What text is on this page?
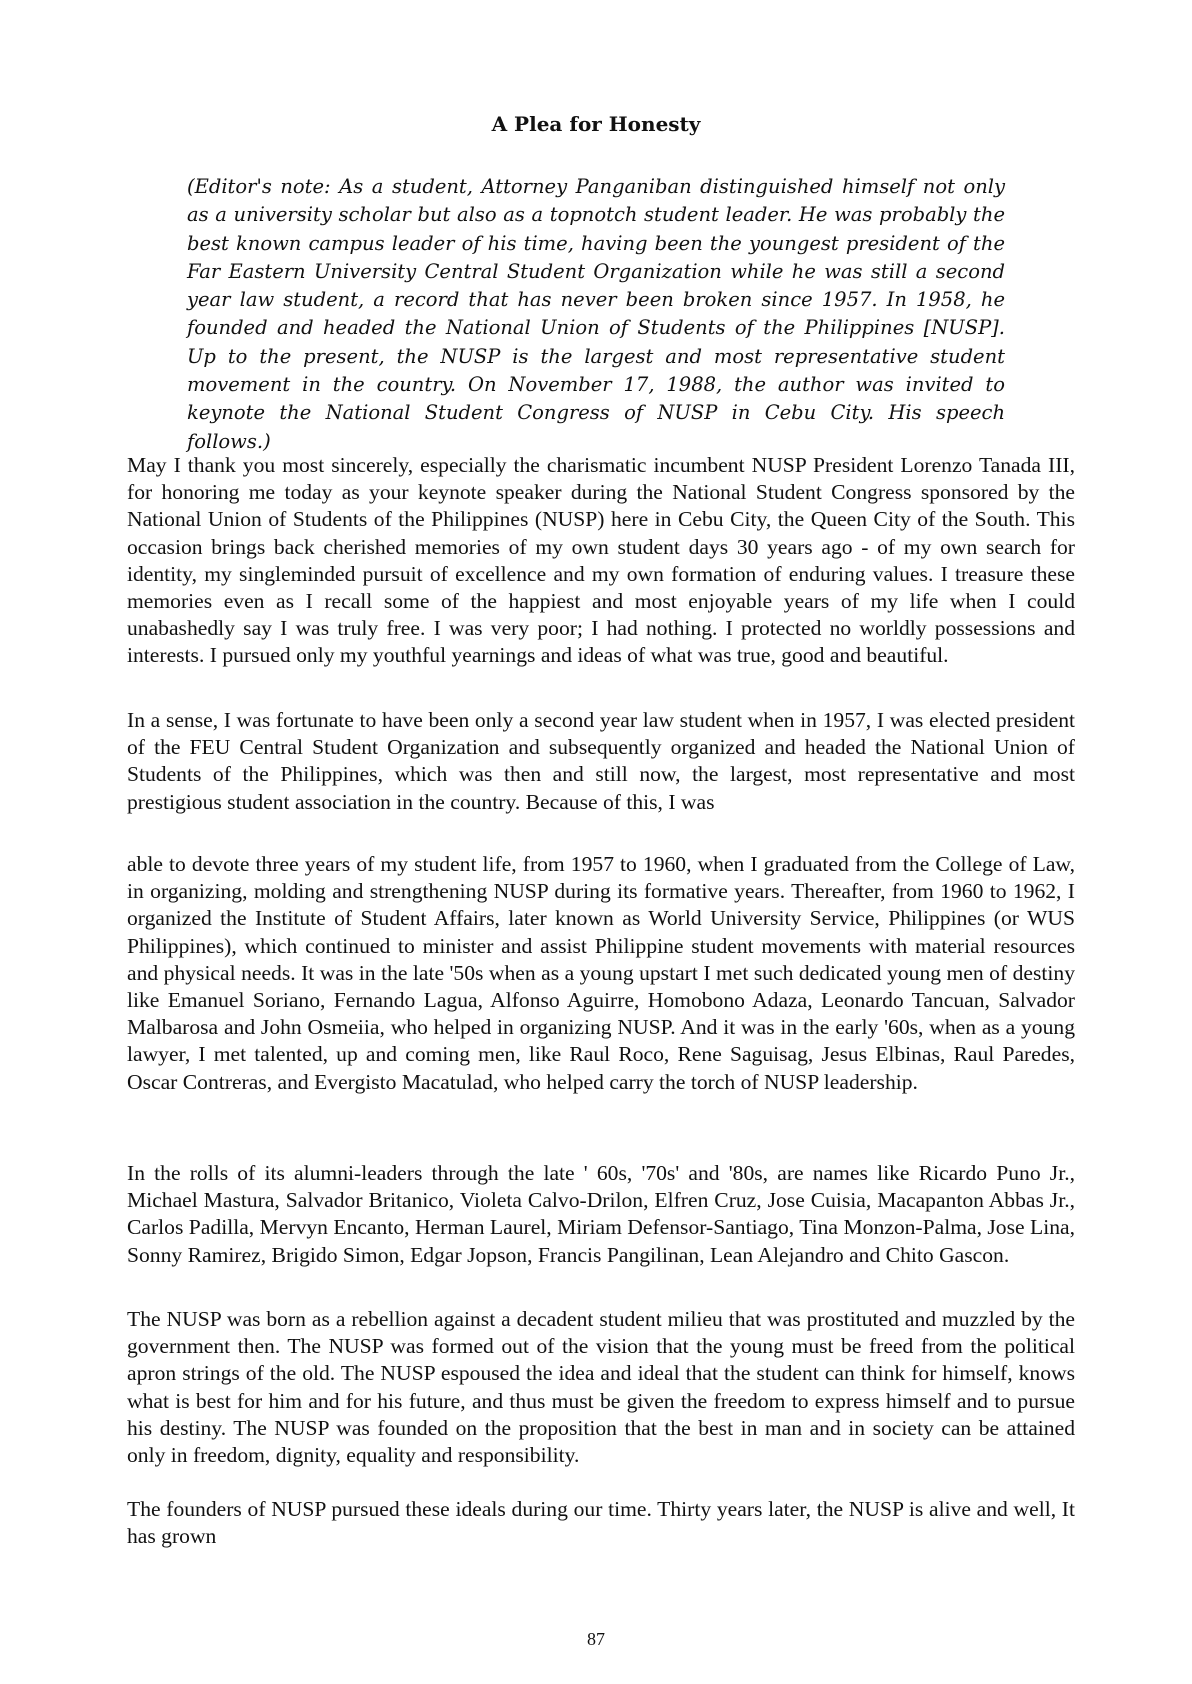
A Plea for Honesty

(Editor's note: As a student, Attorney Panganiban distinguished himself not only as a university scholar but also as a topnotch student leader. He was probably the best known campus leader of his time, having been the youngest president of the Far Eastern University Central Student Organization while he was still a second year law student, a record that has never been broken since 1957. In 1958, he founded and headed the National Union of Students of the Philippines [NUSP]. Up to the present, the NUSP is the largest and most representative student movement in the country. On November 17, 1988, the author was invited to keynote the National Student Congress of NUSP in Cebu City. His speech follows.)

May I thank you most sincerely, especially the charismatic incumbent NUSP President Lorenzo Tanada III, for honoring me today as your keynote speaker during the National Student Congress sponsored by the National Union of Students of the Philippines (NUSP) here in Cebu City, the Queen City of the South. This occasion brings back cherished memories of my own student days 30 years ago - of my own search for identity, my singleminded pursuit of excellence and my own formation of enduring values. I treasure these memories even as I recall some of the happiest and most enjoyable years of my life when I could unabashedly say I was truly free. I was very poor; I had nothing. I protected no worldly possessions and interests. I pursued only my youthful yearnings and ideas of what was true, good and beautiful.

In a sense, I was fortunate to have been only a second year law student when in 1957, I was elected president of the FEU Central Student Organization and subsequently organized and headed the National Union of Students of the Philippines, which was then and still now, the largest, most representative and most prestigious student association in the country. Because of this, I was

able to devote three years of my student life, from 1957 to 1960, when I graduated from the College of Law, in organizing, molding and strengthening NUSP during its formative years. Thereafter, from 1960 to 1962, I organized the Institute of Student Affairs, later known as World University Service, Philippines (or WUS Philippines), which continued to minister and assist Philippine student movements with material resources and physical needs. It was in the late '50s when as a young upstart I met such dedicated young men of destiny like Emanuel Soriano, Fernando Lagua, Alfonso Aguirre, Homobono Adaza, Leonardo Tancuan, Salvador Malbarosa and John Osmeiia, who helped in organizing NUSP. And it was in the early '60s, when as a young lawyer, I met talented, up and coming men, like Raul Roco, Rene Saguisag, Jesus Elbinas, Raul Paredes, Oscar Contreras, and Evergisto Macatulad, who helped carry the torch of NUSP leadership.

In the rolls of its alumni-leaders through the late ' 60s, '70s' and '80s, are names like Ricardo Puno Jr., Michael Mastura, Salvador Britanico, Violeta Calvo-Drilon, Elfren Cruz, Jose Cuisia, Macapanton Abbas Jr., Carlos Padilla, Mervyn Encanto, Herman Laurel, Miriam Defensor-Santiago, Tina Monzon-Palma, Jose Lina, Sonny Ramirez, Brigido Simon, Edgar Jopson, Francis Pangilinan, Lean Alejandro and Chito Gascon.

The NUSP was born as a rebellion against a decadent student milieu that was prostituted and muzzled by the government then. The NUSP was formed out of the vision that the young must be freed from the political apron strings of the old. The NUSP espoused the idea and ideal that the student can think for himself, knows what is best for him and for his future, and thus must be given the freedom to express himself and to pursue his destiny. The NUSP was founded on the proposition that the best in man and in society can be attained only in freedom, dignity, equality and responsibility.

The founders of NUSP pursued these ideals during our time. Thirty years later, the NUSP is alive and well, It has grown

87
